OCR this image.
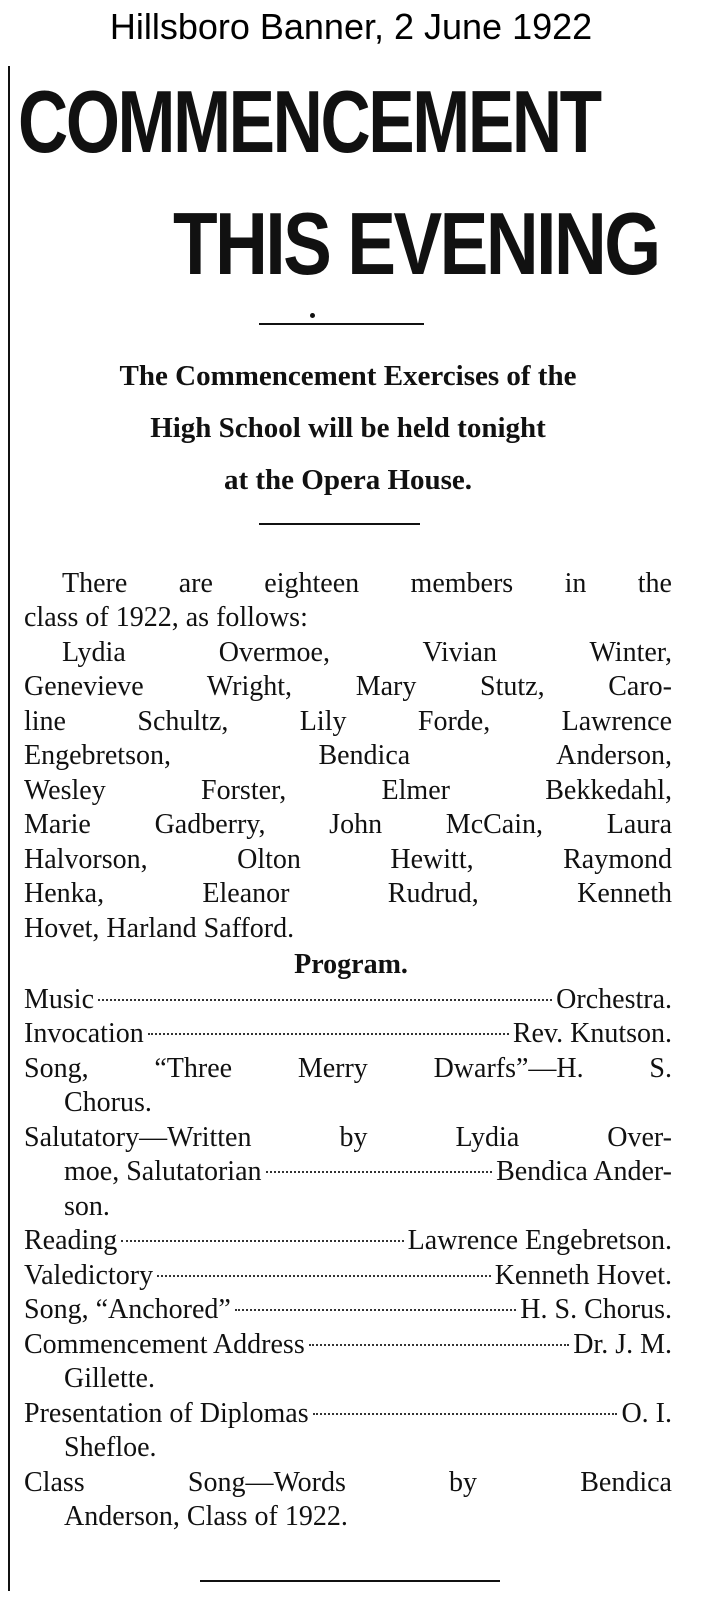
Hillsboro Banner, 2 June 1922
COMMENCEMENT
THIS EVENING
The Commencement Exercises of the
High School will be held tonight
at the Opera House.
There are eighteen members in the
class of 1922, as follows:
Lydia Overmoe, Vivian Winter,
Genevieve Wright, Mary Stutz, Caro-
line Schultz, Lily Forde, Lawrence
Engebretson, Bendica Anderson,
Wesley Forster, Elmer Bekkedahl,
Marie Gadberry, John McCain, Laura
Halvorson, Olton Hewitt, Raymond
Henka, Eleanor Rudrud, Kenneth
Hovet, Harland Safford.
Program.
Music	Orchestra.
Invocation	Rev. Knutson.
Song, “Three Merry Dwarfs”—H. S.
Chorus.
Salutatory—Written by Lydia Over-
moe, Salutatorian	Bendica Ander-
son.
Reading	Lawrence Engebretson.
Valedictory	Kenneth Hovet.
Song, “Anchored”	H. S. Chorus.
Commencement Address	Dr. J. M.
Gillette.
Presentation of Diplomas	O. I.
Shefloe.
Class Song—Words by Bendica
Anderson, Class of 1922.
